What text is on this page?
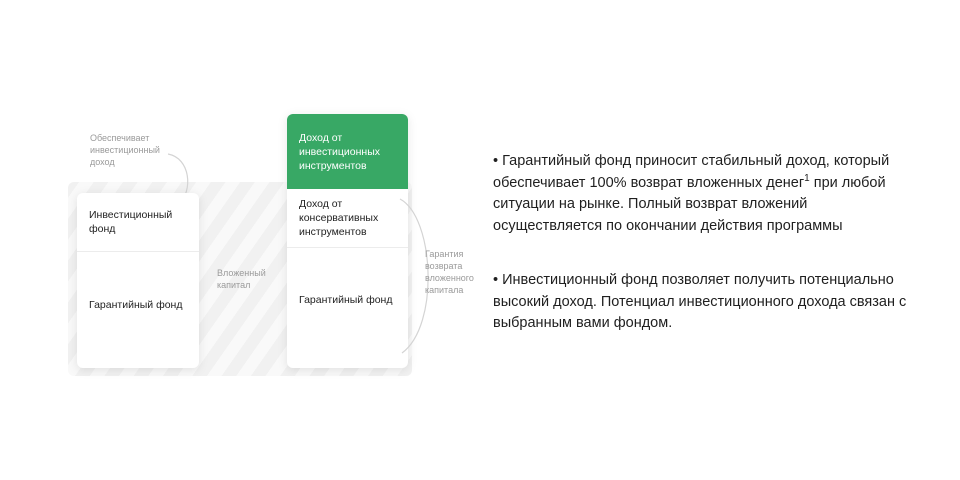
Обеспечивает инвестиционный доход
Инвестиционный фонд
Гарантийный фонд
Вложенный капитал
Доход от инвестиционных инструментов
Доход от консервативных инструментов
Гарантийный фонд
Гарантия возврата вложенного капитала
• Гарантийный фонд приносит стабильный доход, который обеспечивает 100% возврат вложенных денег$^1$ при любой ситуации на рынке. Полный возврат вложений осуществляется по окончании действия программы
• Инвестиционный фонд позволяет получить потенциально высокий доход. Потенциал инвестиционного дохода связан с выбранным вами фондом.
